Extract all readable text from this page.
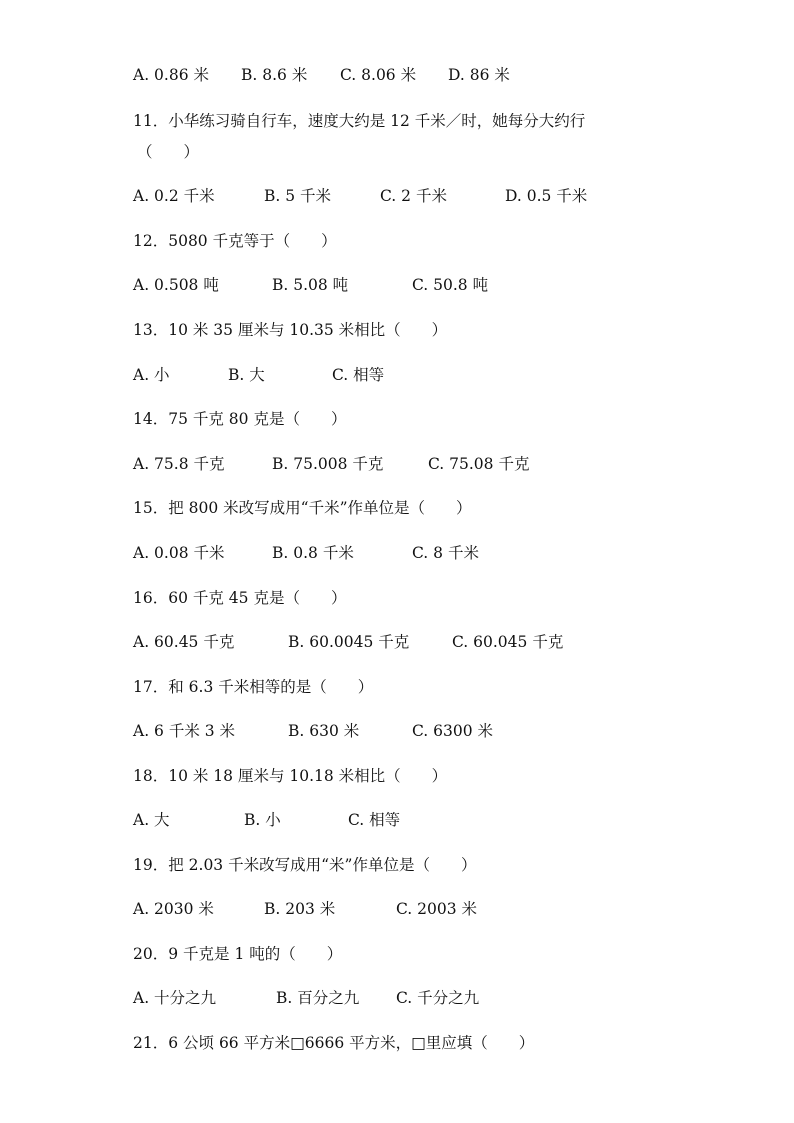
A. 0.86 米 B. 8.6 米 C. 8.06 米 D. 86 米
11．小华练习骑自行车，速度大约是 12 千米／时，她每分大约行
（　　）
A. 0.2 千米	B. 5 千米	C. 2 千米	D. 0.5 千米
12．5080 千克等于（　　）
A. 0.508 吨	B. 5.08 吨	C. 50.8 吨
13．10 米 35 厘米与 10.35 米相比（　　）
A. 小	B. 大	C. 相等
14．75 千克 80 克是（　　）
A. 75.8 千克	B. 75.008 千克	C. 75.08 千克
15．把 800 米改写成用“千米”作单位是（　　）
A. 0.08 千米	B. 0.8 千米	C. 8 千米
16．60 千克 45 克是（　　）
A. 60.45 千克	B. 60.0045 千克	C. 60.045 千克
17．和 6.3 千米相等的是（　　）
A. 6 千米 3 米	B. 630 米	C. 6300 米
18．10 米 18 厘米与 10.18 米相比（　　）
A. 大	B. 小	C. 相等
19．把 2.03 千米改写成用“米”作单位是（　　）
A. 2030 米	B. 203 米	C. 2003 米
20．9 千克是 1 吨的（　　）
A. 十分之九	B. 百分之九 C. 千分之九
21．6 公顷 66 平方米□6666 平方米，□里应填（　　）
